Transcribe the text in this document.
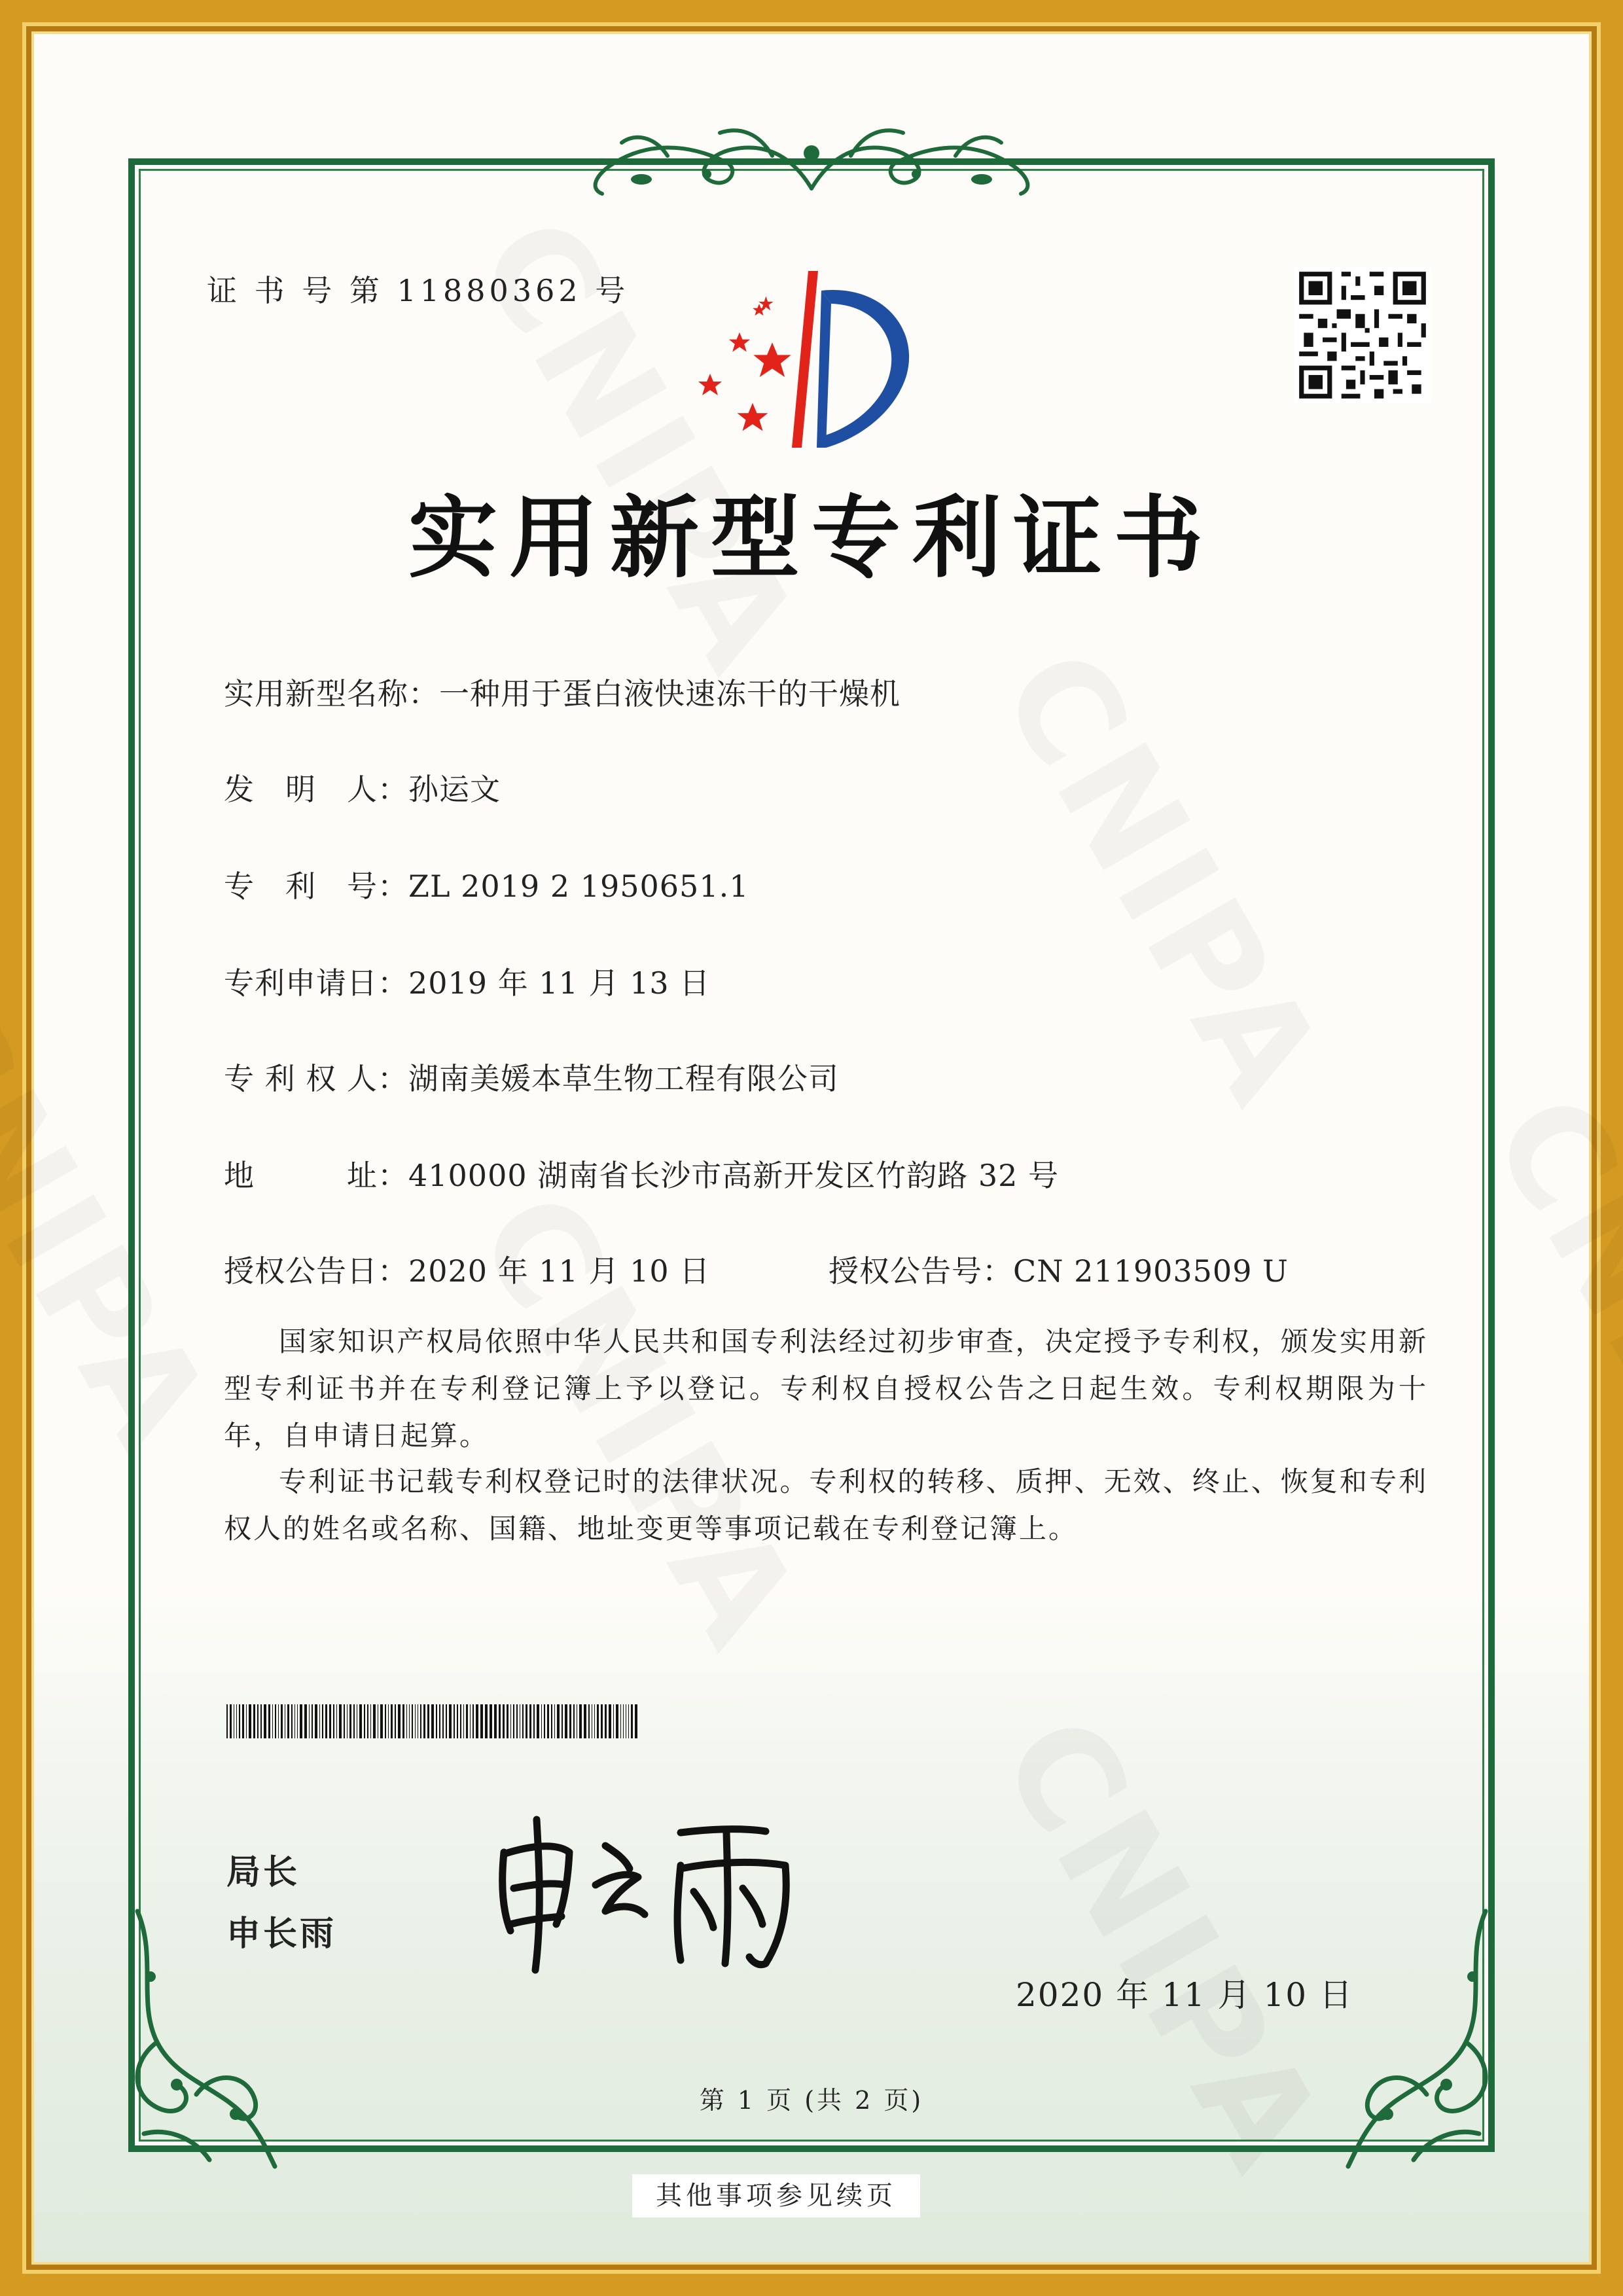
证 书 号 第 11880362 号
实用新型专利证书
实用新型名称：一种用于蛋白液快速冻干的干燥机
发　明　人：孙运文
专　利　号：ZL 2019 2 1950651.1
专利申请日：2019 年 11 月 13 日
专 利 权 人：湖南美媛本草生物工程有限公司
地　　　址：410000 湖南省长沙市高新开发区竹韵路 32 号
授权公告日：2020 年 11 月 10 日	授权公告号：CN 211903509 U
国家知识产权局依照中华人民共和国专利法经过初步审查，决定授予专利权，颁发实用新型专利证书并在专利登记簿上予以登记。专利权自授权公告之日起生效。专利权期限为十年，自申请日起算。
专利证书记载专利权登记时的法律状况。专利权的转移、质押、无效、终止、恢复和专利权人的姓名或名称、国籍、地址变更等事项记载在专利登记簿上。
局长
申长雨
2020 年 11 月 10 日
第 1 页 (共 2 页)
其他事项参见续页
